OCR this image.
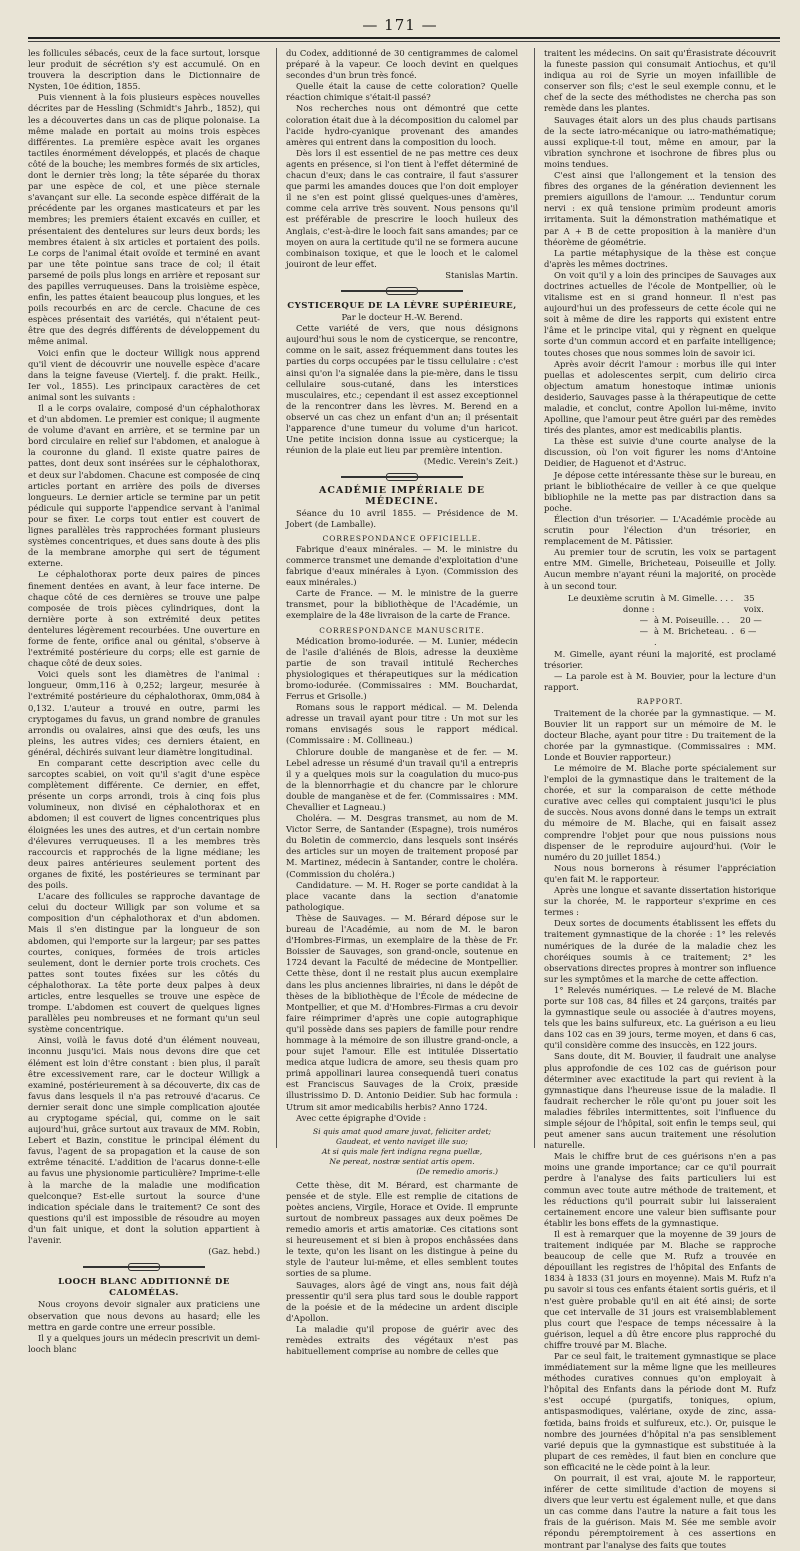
— 171 —

les follicules sébacés, ceux de la face surtout, lorsque leur produit de sécrétion s'y est accumulé. On en trouvera la description dans le Dictionnaire de Nysten, 10e édition, 1855.

Puis viennent à la fois plusieurs espèces nouvelles décrites par de Hessling (Schmidt's Jahrb., 1852), qui les a découvertes dans un cas de plique polonaise. La même malade en portait au moins trois espèces différentes. La première espèce avait les organes tactiles énormément développés, et placés de chaque côté de la bouche; les membres formés de six articles, dont le dernier très long; la tête séparée du thorax par une espèce de col, et une pièce sternale s'avançant sur elle. La seconde espèce différait de la précédente par les organes masticateurs et par les membres; les premiers étaient excavés en cuiller, et présentaient des dentelures sur leurs deux bords; les membres étaient à six articles et portaient des poils. Le corps de l'animal était ovoïde et terminé en avant par une tête pointue sans trace de col; il était parsemé de poils plus longs en arrière et reposant sur des papilles verruqueuses. Dans la troisième espèce, enfin, les pattes étaient beaucoup plus longues, et les poils recourbés en arc de cercle. Chacune de ces espèces présentait des variétés, qui n'étaient peut-être que des degrés différents de développement du même animal.

Voici enfin que le docteur Willigk nous apprend qu'il vient de découvrir une nouvelle espèce d'acare dans la teigne faveuse (Viertelj. f. die prakt. Heilk., Ier vol., 1855). Les principaux caractères de cet animal sont les suivants :

Il a le corps ovalaire, composé d'un céphalothorax et d'un abdomen. Le premier est conique; il augmente de volume d'avant en arrière, et se termine par un bord circulaire en relief sur l'abdomen, et analogue à la couronne du gland. Il existe quatre paires de pattes, dont deux sont insérées sur le céphalothorax, et deux sur l'abdomen. Chacune est composée de cinq articles portant en arrière des poils de diverses longueurs. Le dernier article se termine par un petit pédicule qui supporte l'appendice servant à l'animal pour se fixer. Le corps tout entier est couvert de lignes parallèles très rapprochées formant plusieurs systèmes concentriques, et dues sans doute à des plis de la membrane amorphe qui sert de tégument externe.

Le céphalothorax porte deux paires de pinces finement dentées en avant, à leur face interne. De chaque côté de ces dernières se trouve une palpe composée de trois pièces cylindriques, dont la dernière porte à son extrémité deux petites dentelures légèrement recourbées. Une ouverture en forme de fente, orifice anal ou génital, s'observe à l'extrémité postérieure du corps; elle est garnie de chaque côté de deux soies.

Voici quels sont les diamètres de l'animal : longueur, 0mm,116 à 0,252; largeur, mesurée à l'extrémité postérieure du céphalothorax, 0mm,084 à 0,132. L'auteur a trouvé en outre, parmi les cryptogames du favus, un grand nombre de granules arrondis ou ovalaires, ainsi que des œufs, les uns pleins, les autres vides; ces derniers étaient, en général, déchirés suivant leur diamètre longitudinal.

En comparant cette description avec celle du sarcoptes scabiei, on voit qu'il s'agit d'une espèce complètement différente. Ce dernier, en effet, présente un corps arrondi, trois à cinq fois plus volumineux, non divisé en céphalothorax et en abdomen; il est couvert de lignes concentriques plus éloignées les unes des autres, et d'un certain nombre d'élevures verruqueuses. Il a les membres très raccourcis et rapprochés de la ligne médiane; les deux paires antérieures seulement portent des organes de fixité, les postérieures se terminant par des poils.

L'acare des follicules se rapproche davantage de celui du docteur Willigk par son volume et sa composition d'un céphalothorax et d'un abdomen. Mais il s'en distingue par la longueur de son abdomen, qui l'emporte sur la largeur; par ses pattes courtes, coniques, formées de trois articles seulement, dont le dernier porte trois crochets. Ces pattes sont toutes fixées sur les côtés du céphalothorax. La tête porte deux palpes à deux articles, entre lesquelles se trouve une espèce de trompe. L'abdomen est couvert de quelques lignes parallèles peu nombreuses et ne formant qu'un seul système concentrique.

Ainsi, voilà le favus doté d'un élément nouveau, inconnu jusqu'ici. Mais nous devons dire que cet élément est loin d'être constant : bien plus, il paraît être excessivement rare, car le docteur Willigk a examiné, postérieurement à sa découverte, dix cas de favus dans lesquels il n'a pas retrouvé d'acarus. Ce dernier serait donc une simple complication ajoutée au cryptogame spécial, qui, comme on le sait aujourd'hui, grâce surtout aux travaux de MM. Robin, Lebert et Bazin, constitue le principal élément du favus, l'agent de sa propagation et la cause de son extrême ténacité. L'addition de l'acarus donne-t-elle au favus une physionomie particulière? Imprime-t-elle à la marche de la maladie une modification quelconque? Est-elle surtout la source d'une indication spéciale dans le traitement? Ce sont des questions qu'il est impossible de résoudre au moyen d'un fait unique, et dont la solution appartient à l'avenir.

(Gaz. hebd.)

LOOCH BLANC ADDITIONNÉ DE CALOMÉLAS.

Nous croyons devoir signaler aux praticiens une observation que nous devons au hasard; elle les mettra en garde contre une erreur possible.

Il y a quelques jours un médecin prescrivit un demi-looch blanc

du Codex, additionné de 30 centigrammes de calomel préparé à la vapeur. Ce looch devint en quelques secondes d'un brun très foncé.

Quelle était la cause de cette coloration? Quelle réaction chimique s'était-il passé?

Nos recherches nous ont démontré que cette coloration était due à la décomposition du calomel par l'acide hydro-cyanique provenant des amandes amères qui entrent dans la composition du looch.

Dès lors il est essentiel de ne pas mettre ces deux agents en présence, si l'on tient à l'effet déterminé de chacun d'eux; dans le cas contraire, il faut s'assurer que parmi les amandes douces que l'on doit employer il ne s'en est point glissé quelques-unes d'amères, comme cela arrive très souvent. Nous pensons qu'il est préférable de prescrire le looch huileux des Anglais, c'est-à-dire le looch fait sans amandes; par ce moyen on aura la certitude qu'il ne se formera aucune combinaison toxique, et que le looch et le calomel jouiront de leur effet.

Stanislas Martin.

CYSTICERQUE DE LA LÈVRE SUPÉRIEURE,

Par le docteur H.-W. Berend.

Cette variété de vers, que nous désignons aujourd'hui sous le nom de cysticerque, se rencontre, comme on le sait, assez fréquemment dans toutes les parties du corps occupées par le tissu cellulaire : c'est ainsi qu'on l'a signalée dans la pie-mère, dans le tissu cellulaire sous-cutané, dans les interstices musculaires, etc.; cependant il est assez exceptionnel de la rencontrer dans les lèvres. M. Berend en a observé un cas chez un enfant d'un an; il présentait l'apparence d'une tumeur du volume d'un haricot. Une petite incision donna issue au cysticerque; la réunion de la plaie eut lieu par première intention.

(Medic. Verein's Zeit.)

ACADÉMIE IMPÉRIALE DE MÉDECINE.

Séance du 10 avril 1855. — Présidence de M. Jobert (de Lamballe).

CORRESPONDANCE OFFICIELLE.

Fabrique d'eaux minérales. — M. le ministre du commerce transmet une demande d'exploitation d'une fabrique d'eaux minérales à Lyon. (Commission des eaux minérales.)

Carte de France. — M. le ministre de la guerre transmet, pour la bibliothèque de l'Académie, un exemplaire de la 48e livraison de la carte de France.

CORRESPONDANCE MANUSCRITE.

Médication bromo-iodurée. — M. Lunier, médecin de l'asile d'aliénés de Blois, adresse la deuxième partie de son travail intitulé Recherches physiologiques et thérapeutiques sur la médication bromo-iodurée. (Commissaires : MM. Bouchardat, Ferrus et Grisolle.)

Romans sous le rapport médical. — M. Delenda adresse un travail ayant pour titre : Un mot sur les romans envisagés sous le rapport médical. (Commissaire : M. Collineau.)

Chlorure double de manganèse et de fer. — M. Lebel adresse un résumé d'un travail qu'il a entrepris il y a quelques mois sur la coagulation du muco-pus de la blennorrhagie et du chancre par le chlorure double de manganèse et de fer. (Commissaires : MM. Chevallier et Lagneau.)

Choléra. — M. Desgras transmet, au nom de M. Victor Serre, de Santander (Espagne), trois numéros du Boletin de commercio, dans lesquels sont insérés des articles sur un moyen de traitement proposé par M. Martinez, médecin à Santander, contre le choléra. (Commission du choléra.)

Candidature. — M. H. Roger se porte candidat à la place vacante dans la section d'anatomie pathologique.

Thèse de Sauvages. — M. Bérard dépose sur le bureau de l'Académie, au nom de M. le baron d'Hombres-Firmas, un exemplaire de la thèse de Fr. Boissier de Sauvages, son grand-oncle, soutenue en 1724 devant la Faculté de médecine de Montpellier. Cette thèse, dont il ne restait plus aucun exemplaire dans les plus anciennes librairies, ni dans le dépôt de thèses de la bibliothèque de l'École de médecine de Montpellier, et que M. d'Hombres-Firmas a cru devoir faire réimprimer d'après une copie autographique qu'il possède dans ses papiers de famille pour rendre hommage à la mémoire de son illustre grand-oncle, a pour sujet l'amour. Elle est intitulée Dissertatio medica atque ludicra de amore, seu thesis quam pro primâ appollinari laurea consequendâ tueri conatus est Franciscus Sauvages de la Croix, præside illustrissimo D. D. Antonio Deidier. Sub hac formula : Utrum sit amor medicabilis herbis? Anno 1724.

Avec cette épigraphe d'Ovide :

Si quis amat quod amare juvat, feliciter ardet;
Gaudeat, et vento naviget ille suo;
At si quis male fert indigna regna puellæ,
Ne pereat, nostræ sentiat artis opem.
(De remedio amoris.)

Cette thèse, dit M. Bérard, est charmante de pensée et de style. Elle est remplie de citations de poètes anciens, Virgile, Horace et Ovide. Il emprunte surtout de nombreux passages aux deux poëmes De remedio amoris et artis amatoriæ. Ces citations sont si heureusement et si bien à propos enchâssées dans le texte, qu'on les lisant on les distingue à peine du style de l'auteur lui-même, et elles semblent toutes sorties de sa plume.

Sauvages, alors âgé de vingt ans, nous fait déjà pressentir qu'il sera plus tard sous le double rapport de la poésie et de la médecine un ardent disciple d'Apollon.

La maladie qu'il propose de guérir avec des remèdes extraits des végétaux n'est pas habituellement comprise au nombre de celles que

traitent les médecins. On sait qu'Érasistrate découvrit la funeste passion qui consumait Antiochus, et qu'il indiqua au roi de Syrie un moyen infaillible de conserver son fils; c'est le seul exemple connu, et le chef de la secte des méthodistes ne chercha pas son remède dans les plantes.

Sauvages était alors un des plus chauds partisans de la secte iatro-mécanique ou iatro-mathématique; aussi explique-t-il tout, même en amour, par la vibration synchrone et isochrone de fibres plus ou moins tendues.

C'est ainsi que l'allongement et la tension des fibres des organes de la génération deviennent les premiers aiguillons de l'amour. ... Tenduntur corum nervi : ex quâ tensione primùm prodeunt amoris irritamenta. Suit la démonstration mathématique et par A + B de cette proposition à la manière d'un théorème de géométrie.

La partie métaphysique de la thèse est conçue d'après les mêmes doctrines.

On voit qu'il y a loin des principes de Sauvages aux doctrines actuelles de l'école de Montpellier, où le vitalisme est en si grand honneur. Il n'est pas aujourd'hui un des professeurs de cette école qui ne soit à même de dire les rapports qui existent entre l'âme et le principe vital, qui y règnent en quelque sorte d'un commun accord et en parfaite intelligence; toutes choses que nous sommes loin de savoir ici.

Après avoir décrit l'amour : morbus ille qui inter puellas et adolescentes serpit, cum delirio circa objectum amatum honestoque intimæ unionis desiderio, Sauvages passe à la thérapeutique de cette maladie, et conclut, contre Apollon lui-même, invito Apolline, que l'amour peut être guéri par des remèdes tirés des plantes, amor est medicabilis plantis.

La thèse est suivie d'une courte analyse de la discussion, où l'on voit figurer les noms d'Antoine Deidier, de Haguenot et d'Astruc.

Je dépose cette intéressante thèse sur le bureau, en priant le bibliothécaire de veiller à ce que quelque bibliophile ne la mette pas par distraction dans sa poche.

Élection d'un trésorier. — L'Académie procède au scrutin pour l'élection d'un trésorier, en remplacement de M. Pâtissier.

Au premier tour de scrutin, les voix se partagent entre MM. Gimelle, Bricheteau, Poiseuille et Jolly. Aucun membre n'ayant réuni la majorité, on procède à un second tour.

Le deuxième scrutin donne :
à M. Gimelle. . . .	35 voix.
— à M. Poiseuille. . .	20 —
— à M. Bricheteau. . .
6 —

M. Gimelle, ayant réuni la majorité, est proclamé trésorier.

— La parole est à M. Bouvier, pour la lecture d'un rapport.

RAPPORT.

Traitement de la chorée par la gymnastique. — M. Bouvier lit un rapport sur un mémoire de M. le docteur Blache, ayant pour titre : Du traitement de la chorée par la gymnastique. (Commissaires : MM. Londe et Bouvier rapporteur.)

Le mémoire de M. Blache porte spécialement sur l'emploi de la gymnastique dans le traitement de la chorée, et sur la comparaison de cette méthode curative avec celles qui comptaient jusqu'ici le plus de succès. Nous avons donné dans le temps un extrait du mémoire de M. Blache, qui en faisait assez comprendre l'objet pour que nous puissions nous dispenser de le reproduire aujourd'hui. (Voir le numéro du 20 juillet 1854.)

Nous nous bornerons à résumer l'appréciation qu'en fait M. le rapporteur.

Après une longue et savante dissertation historique sur la chorée, M. le rapporteur s'exprime en ces termes :

Deux sortes de documents établissent les effets du traitement gymnastique de la chorée : 1° les relevés numériques de la durée de la maladie chez les choréiques soumis à ce traitement; 2° les observations directes propres à montrer son influence sur les symptômes et la marche de cette affection.

1° Relevés numériques. — Le relevé de M. Blache porte sur 108 cas, 84 filles et 24 garçons, traités par la gymnastique seule ou associée à d'autres moyens, tels que les bains sulfureux, etc. La guérison a eu lieu dans 102 cas en 39 jours, terme moyen, et dans 6 cas, qu'il considère comme des insuccès, en 122 jours.

Sans doute, dit M. Bouvier, il faudrait une analyse plus approfondie de ces 102 cas de guérison pour déterminer avec exactitude la part qui revient à la gymnastique dans l'heureuse issue de la maladie. Il faudrait rechercher le rôle qu'ont pu jouer soit les maladies fébriles intermittentes, soit l'influence du simple séjour de l'hôpital, soit enfin le temps seul, qui peut amener sans aucun traitement une résolution naturelle.

Mais le chiffre brut de ces guérisons n'en a pas moins une grande importance; car ce qu'il pourrait perdre à l'analyse des faits particuliers lui est commun avec toute autre méthode de traitement, et les réductions qu'il pourrait subir lui laisseraient certainement encore une valeur bien suffisante pour établir les bons effets de la gymnastique.

Il est à remarquer que la moyenne de 39 jours de traitement indiquée par M. Blache se rapproche beaucoup de celle que M. Rufz a trouvée en dépouillant les registres de l'hôpital des Enfants de 1834 à 1833 (31 jours en moyenne). Mais M. Rufz n'a pu savoir si tous ces enfants étaient sortis guéris, et il n'est guère probable qu'il en ait été ainsi; de sorte que cet intervalle de 31 jours est vraisemblablement plus court que l'espace de temps nécessaire à la guérison, lequel a dû être encore plus rapproché du chiffre trouvé par M. Blache.

Par ce seul fait, le traitement gymnastique se place immédiatement sur la même ligne que les meilleures méthodes curatives connues qu'on employait à l'hôpital des Enfants dans la période dont M. Rufz s'est occupé (purgatifs, toniques, opium, antispasmodiques, valériane, oxyde de zinc, assa-fœtida, bains froids et sulfureux, etc.). Or, puisque le nombre des journées d'hôpital n'a pas sensiblement varié depuis que la gymnastique est substituée à la plupart de ces remèdes, il faut bien en conclure que son efficacité ne le cède point à la leur.

On pourrait, il est vrai, ajoute M. le rapporteur, inférer de cette similitude d'action de moyens si divers que leur vertu est également nulle, et que dans un cas comme dans l'autre la nature a fait tous les frais de la guérison. Mais M. Sée me semble avoir répondu péremptoirement à ces assertions en montrant par l'analyse des faits que toutes
